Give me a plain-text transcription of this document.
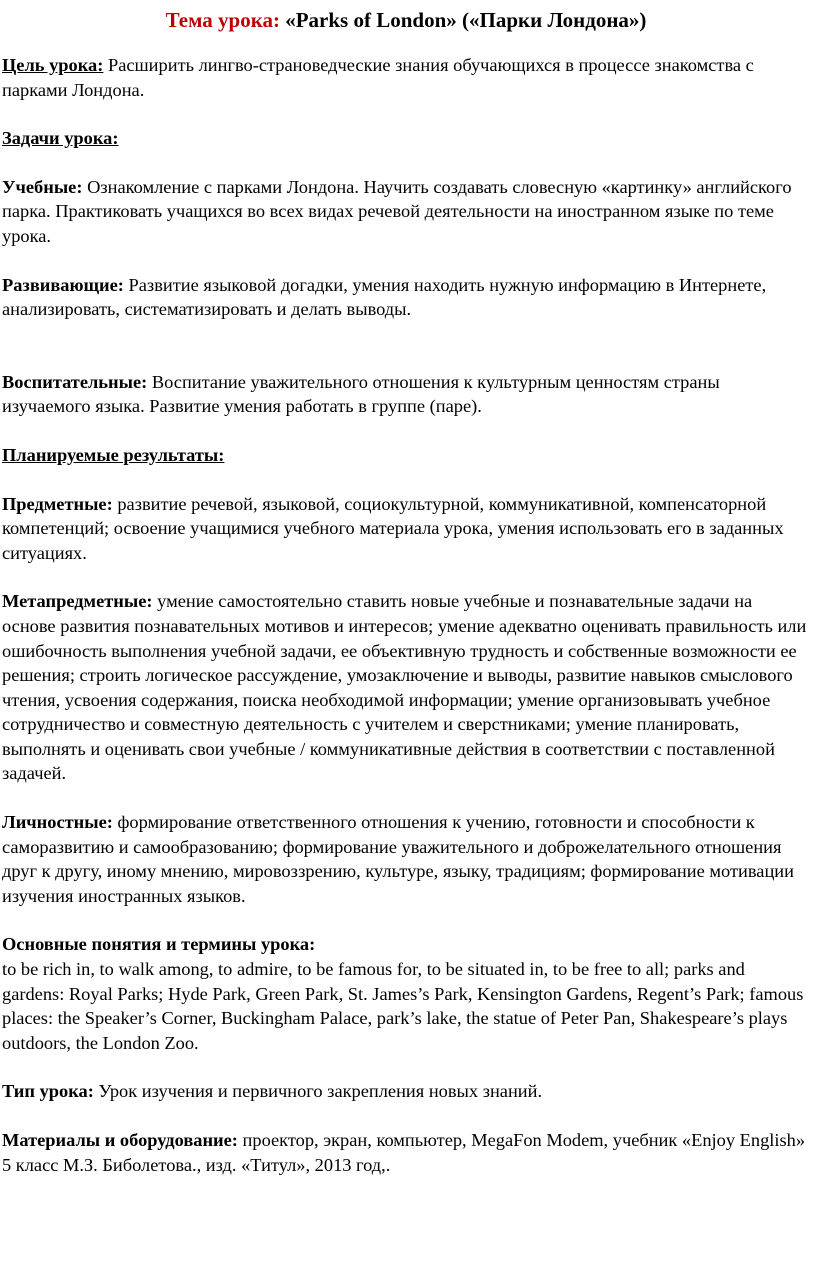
Тема урока: «Parks of London» («Парки Лондона»)

Цель урока: Расширить лингво-страноведческие знания обучающихся в процессе знакомства с парками Лондона.

Задачи урока:

Учебные: Ознакомление с парками Лондона. Научить создавать словесную «картинку» английского парка. Практиковать учащихся во всех видах речевой деятельности на иностранном языке по теме урока.

Развивающие: Развитие языковой догадки, умения находить нужную информацию в Интернете, анализировать, систематизировать и делать выводы.

Воспитательные: Воспитание уважительного отношения к культурным ценностям страны изучаемого языка. Развитие умения работать в группе (паре).

Планируемые результаты:

Предметные: развитие речевой, языковой, социокультурной, коммуникативной, компенсаторной компетенций; освоение учащимися учебного материала урока, умения использовать его в заданных ситуациях.

Метапредметные: умение самостоятельно ставить новые учебные и познавательные задачи на основе развития познавательных мотивов и интересов; умение адекватно оценивать правильность или ошибочность выполнения учебной задачи, ее объективную трудность и собственные возможности ее решения; строить логическое рассуждение, умозаключение и выводы, развитие навыков смыслового чтения, усвоения содержания, поиска необходимой информации; умение организовывать учебное сотрудничество и совместную деятельность с учителем и сверстниками; умение планировать, выполнять и оценивать свои учебные / коммуникативные действия в соответствии с поставленной задачей.

Личностные: формирование ответственного отношения к учению, готовности и способности к саморазвитию и самообразованию; формирование уважительного и доброжелательного отношения друг к другу, иному мнению, мировоззрению, культуре, языку, традициям; формирование мотивации изучения иностранных языков.

Основные понятия и термины урока:
to be rich in, to walk among, to admire, to be famous for, to be situated in, to be free to all; parks and gardens: Royal Parks; Hyde Park, Green Park, St. James’s Park, Kensington Gardens, Regent’s Park; famous places: the Speaker’s Corner, Buckingham Palace, park’s lake, the statue of Peter Pan, Shakespeare’s plays outdoors, the London Zoo.

Тип урока: Урок изучения и первичного закрепления новых знаний.

Материалы и оборудование: проектор, экран, компьютер, MegaFon Modem, учебник «Enjoy English» 5 класс М.З. Биболетова., изд. «Титул», 2013 год,.
